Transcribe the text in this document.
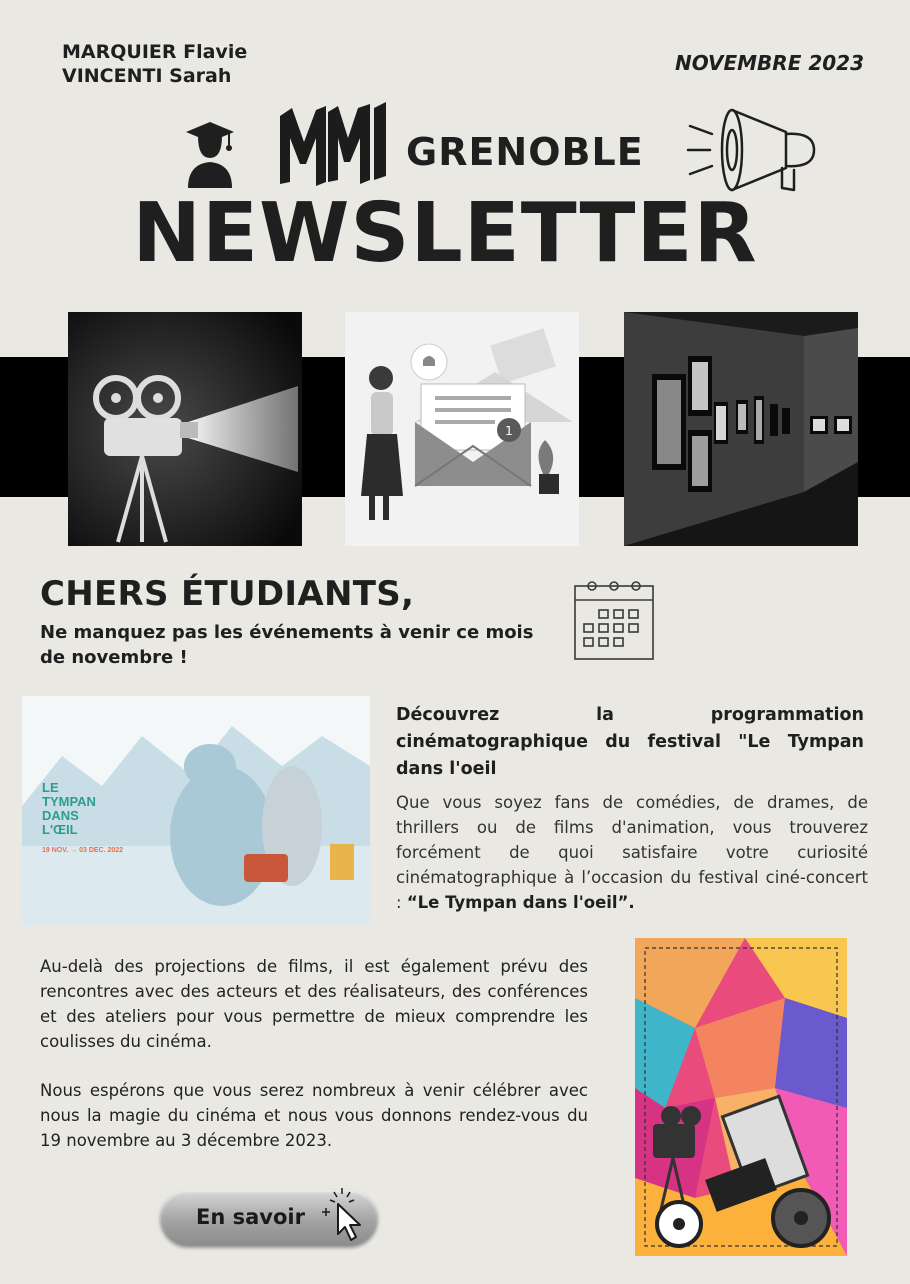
MARQUIER Flavie
VINCENTI Sarah
NOVEMBRE 2023
GRENOBLE
NEWSLETTER
1
CHERS ÉTUDIANTS,
Ne manquez pas les événements à venir ce mois de novembre !
LE
TYMPAN
DANS
L'ŒIL
19 NOV. → 03 DEC. 2022
Découvrez	la	programmation
cinématographique du festival "Le Tympan dans l'oeil
Que vous soyez fans de comédies, de drames, de thrillers ou de films d'animation, vous trouverez forcément de quoi satisfaire votre curiosité cinématographique à l’occasion du festival ciné-concert : “Le Tympan dans l'oeil”.
Au-delà des projections de films, il est également prévu des rencontres avec des acteurs et des réalisateurs, des conférences et des ateliers pour vous permettre de mieux comprendre les coulisses du cinéma.
Nous espérons que vous serez nombreux à venir célébrer avec nous la magie du cinéma et nous vous donnons rendez-vous du 19 novembre au 3 décembre 2023.
En savoir
